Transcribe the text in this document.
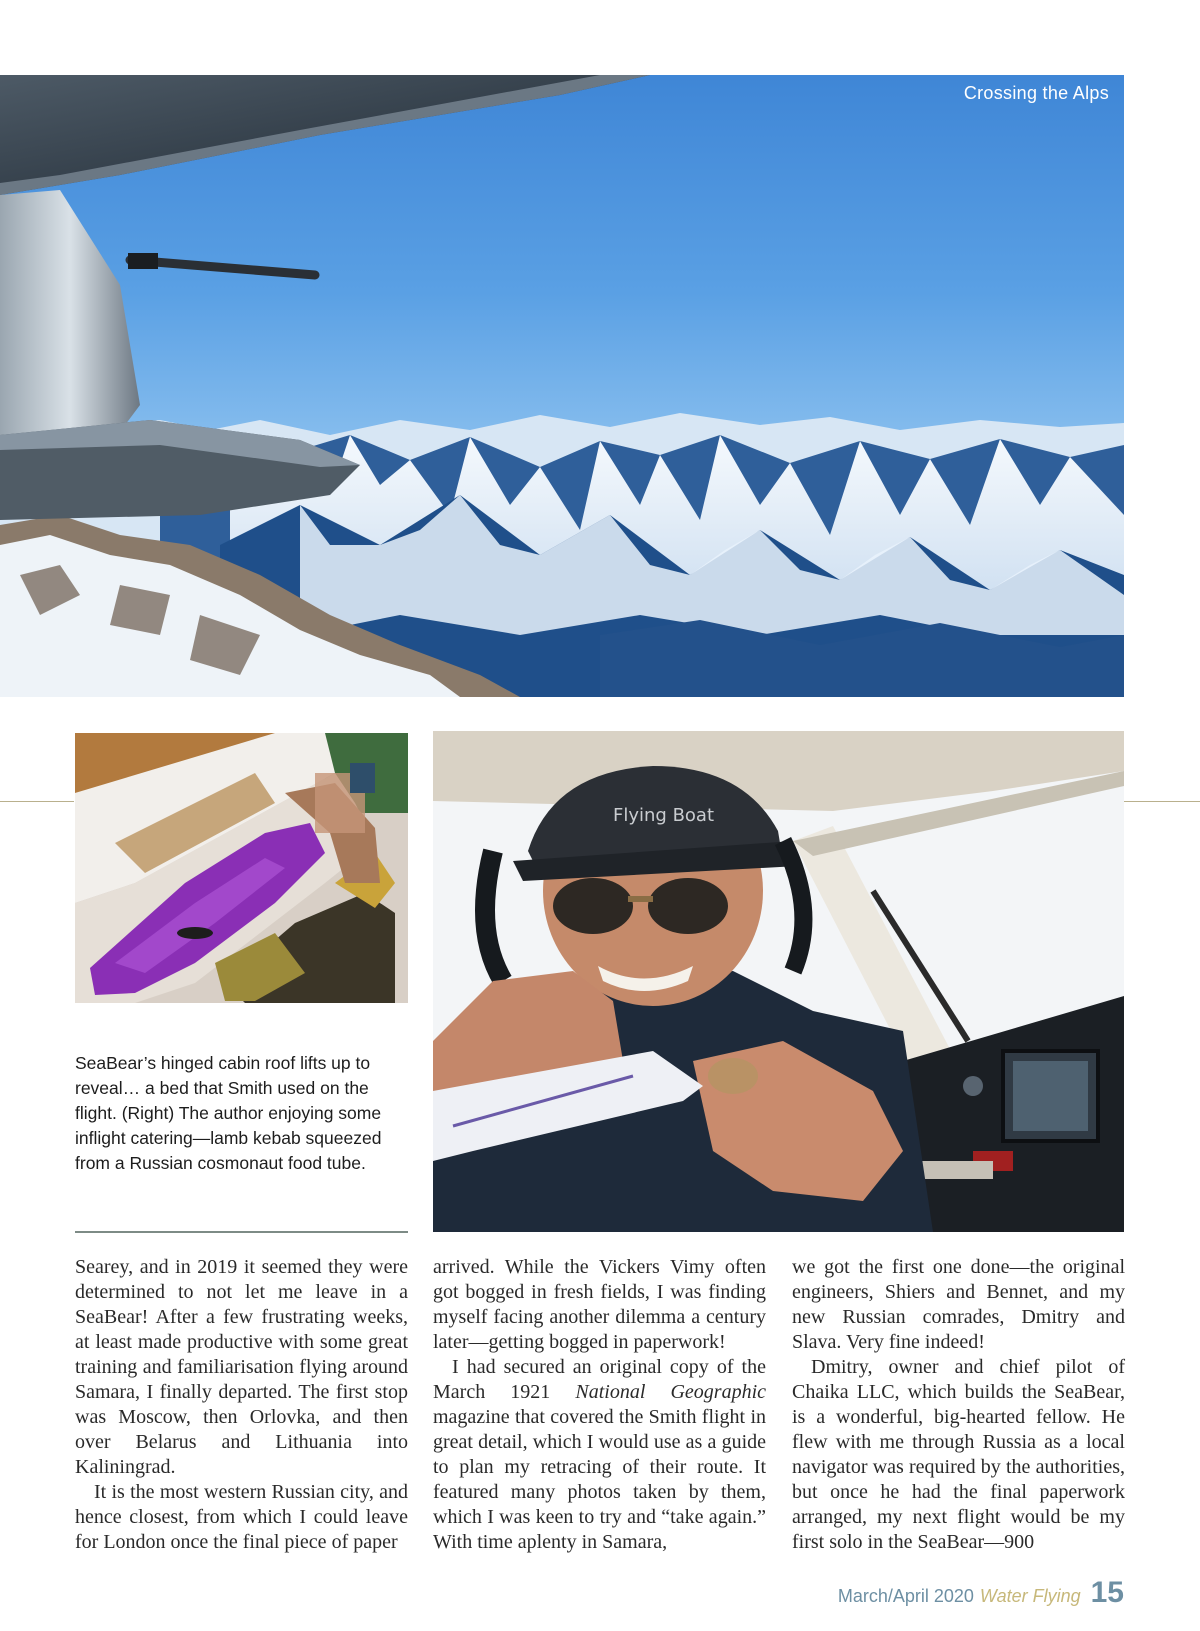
Crossing the Alps
Flying Boat
SeaBear’s hinged cabin roof lifts up to reveal… a bed that Smith used on the flight. (Right) The author enjoying some inflight catering—lamb kebab squeezed from a Russian cosmonaut food tube.

Searey, and in 2019 it seemed they were determined to not let me leave in a SeaBear! After a few frustrating weeks, at least made productive with some great training and familiarisation flying around Samara, I finally departed. The first stop was Moscow, then Orlovka, and then over Belarus and Lithuania into Kaliningrad.

It is the most western Russian city, and hence closest, from which I could leave for London once the final piece of paper

arrived. While the Vickers Vimy often got bogged in fresh fields, I was finding myself facing another dilemma a century later—getting bogged in paperwork!

I had secured an original copy of the March 1921 National Geographic magazine that covered the Smith flight in great detail, which I would use as a guide to plan my retracing of their route. It featured many photos taken by them, which I was keen to try and “take again.” With time aplenty in Samara,

we got the first one done—the original engineers, Shiers and Bennet, and my new Russian comrades, Dmitry and Slava. Very fine indeed!

Dmitry, owner and chief pilot of Chaika LLC, which builds the SeaBear, is a wonderful, big-hearted fellow. He flew with me through Russia as a local navigator was required by the authorities, but once he had the final paperwork arranged, my next flight would be my first solo in the SeaBear—900

March/April 2020 Water Flying 15
